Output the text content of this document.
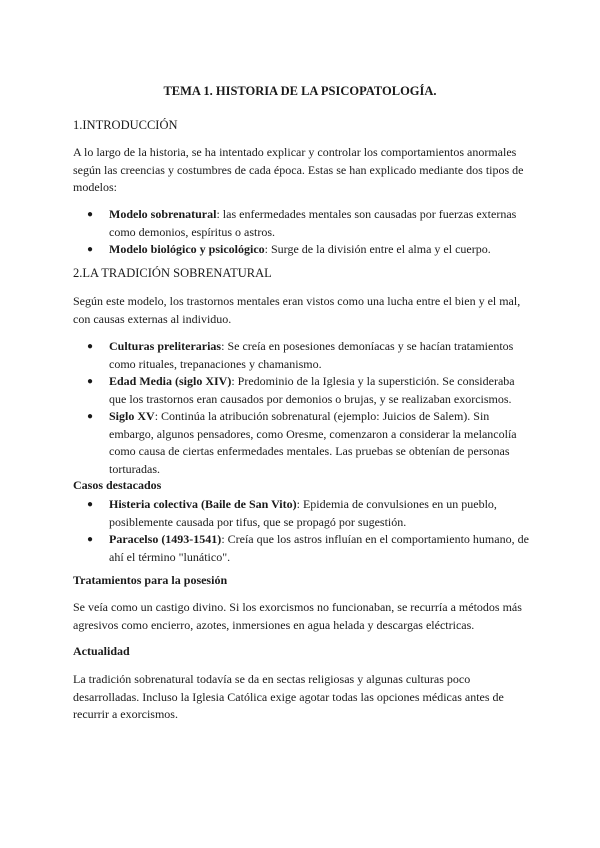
TEMA 1. HISTORIA DE LA PSICOPATOLOGÍA.
1.INTRODUCCIÓN

A lo largo de la historia, se ha intentado explicar y controlar los comportamientos anormales según las creencias y costumbres de cada época. Estas se han explicado mediante dos tipos de modelos:

● Modelo sobrenatural: las enfermedades mentales son causadas por fuerzas externas como demonios, espíritus o astros.
● Modelo biológico y psicológico: Surge de la división entre el alma y el cuerpo.
2.LA TRADICIÓN SOBRENATURAL

Según este modelo, los trastornos mentales eran vistos como una lucha entre el bien y el mal, con causas externas al individuo.

● Culturas preliterarias: Se creía en posesiones demoníacas y se hacían tratamientos como rituales, trepanaciones y chamanismo.
● Edad Media (siglo XIV): Predominio de la Iglesia y la superstición. Se consideraba que los trastornos eran causados por demonios o brujas, y se realizaban exorcismos.
● Siglo XV: Continúa la atribución sobrenatural (ejemplo: Juicios de Salem). Sin embargo, algunos pensadores, como Oresme, comenzaron a considerar la melancolía como causa de ciertas enfermedades mentales. Las pruebas se obtenían de personas torturadas.
Casos destacados
● Histeria colectiva (Baile de San Vito): Epidemia de convulsiones en un pueblo, posiblemente causada por tifus, que se propagó por sugestión.
● Paracelso (1493-1541): Creía que los astros influían en el comportamiento humano, de ahí el término "lunático".
Tratamientos para la posesión

Se veía como un castigo divino. Si los exorcismos no funcionaban, se recurría a métodos más agresivos como encierro, azotes, inmersiones en agua helada y descargas eléctricas.

Actualidad

La tradición sobrenatural todavía se da en sectas religiosas y algunas culturas poco desarrolladas. Incluso la Iglesia Católica exige agotar todas las opciones médicas antes de recurrir a exorcismos.
